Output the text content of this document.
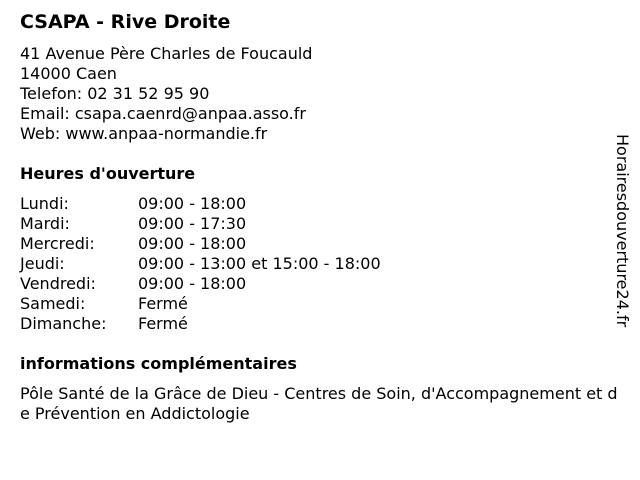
CSAPA - Rive Droite
41 Avenue Père Charles de Foucauld
14000 Caen
Telefon: 02 31 52 95 90
Email: csapa.caenrd@anpaa.asso.fr
Web: www.anpaa-normandie.fr
Heures d'ouverture
Lundi:	09:00 - 18:00
Mardi:	09:00 - 17:30
Mercredi:	09:00 - 18:00
Jeudi:	09:00 - 13:00 et 15:00 - 18:00
Vendredi:	09:00 - 18:00
Samedi:	Fermé
Dimanche: Fermé
informations complémentaires
Pôle Santé de la Grâce de Dieu - Centres de Soin, d'Accompagnement et de Prévention en Addictologie
Horairesdouverture24.fr
